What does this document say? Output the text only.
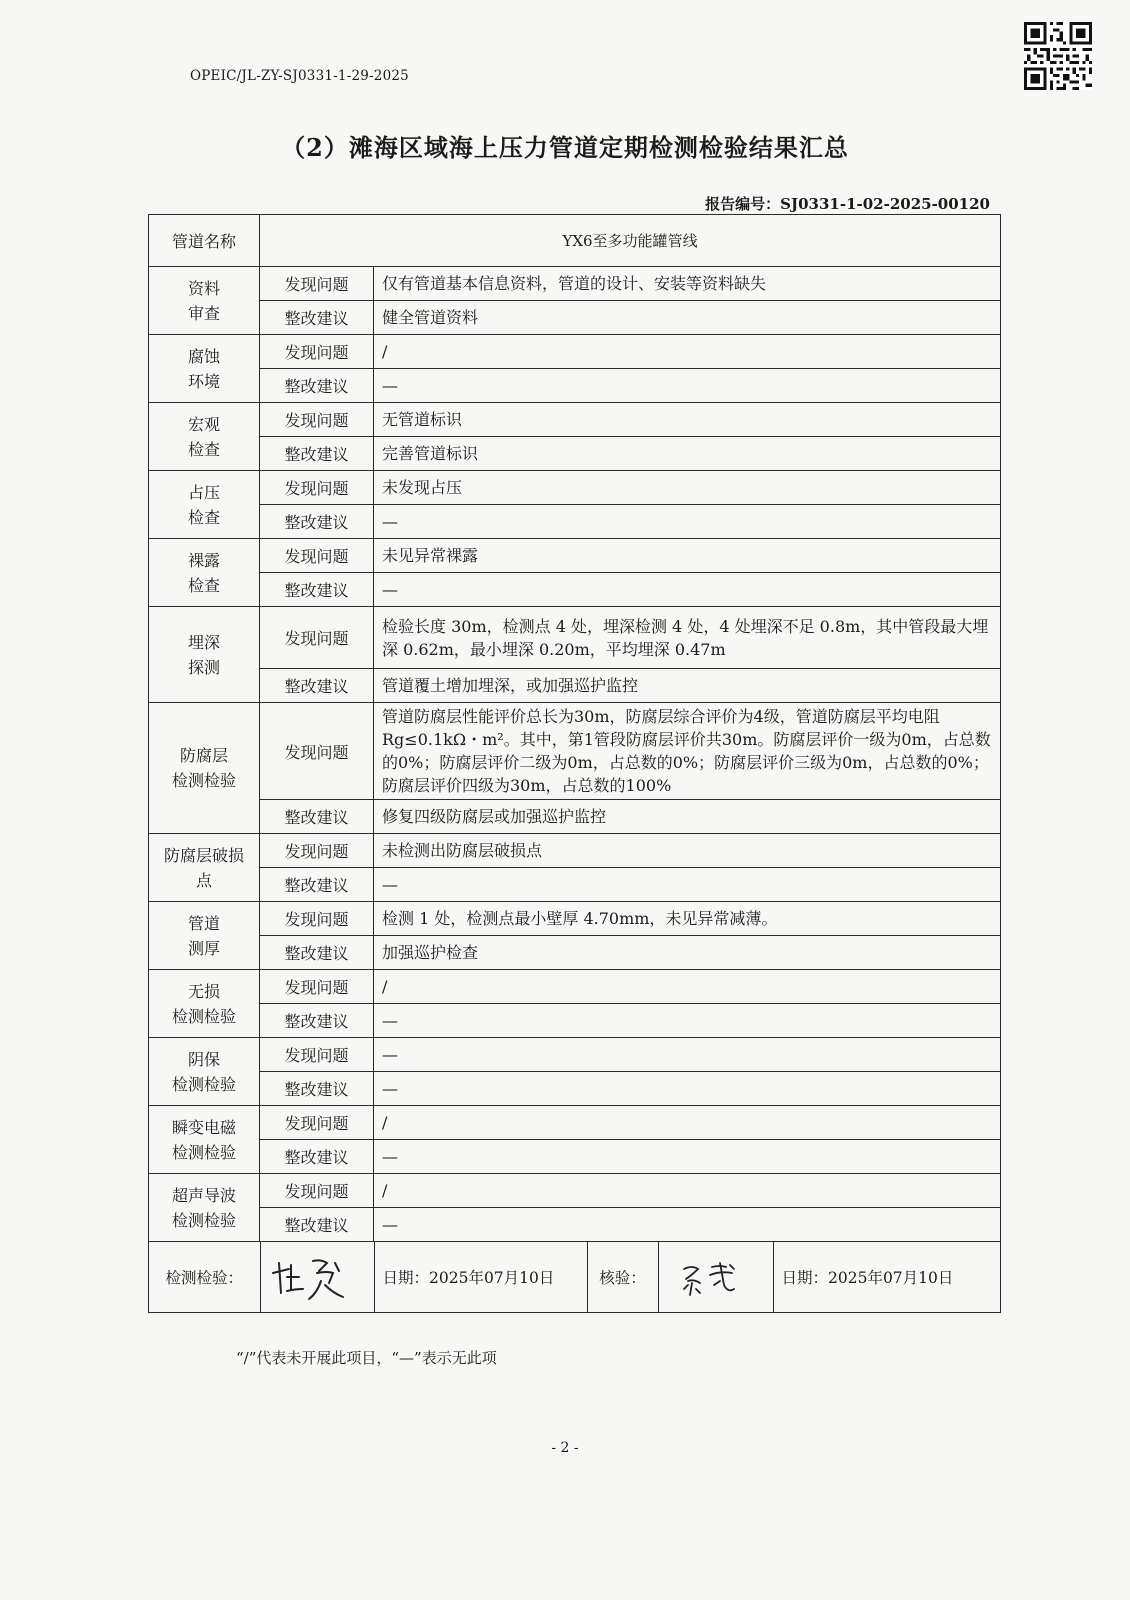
OPEIC/JL-ZY-SJ0331-1-29-2025
（2）滩海区域海上压力管道定期检测检验结果汇总
报告编号：SJ0331-1-02-2025-00120
管道名称	YX6至多功能罐管线
资料
审查	发现问题	仅有管道基本信息资料，管道的设计、安装等资料缺失
整改建议	健全管道资料
腐蚀
环境	发现问题	/
整改建议	—
宏观
检查	发现问题	无管道标识
整改建议	完善管道标识
占压
检查	发现问题	未发现占压
整改建议	—
裸露
检查	发现问题	未见异常裸露
整改建议	—
埋深
探测	发现问题	检验长度 30m，检测点 4 处，埋深检测 4 处，4 处埋深不足 0.8m，其中管段最大埋深 0.62m，最小埋深 0.20m，平均埋深 0.47m
整改建议	管道覆土增加埋深，或加强巡护监控
防腐层
检测检验	发现问题	管道防腐层性能评价总长为30m，防腐层综合评价为4级，管道防腐层平均电阻Rg≤0.1kΩ・m²。其中，第1管段防腐层评价共30m。防腐层评价一级为0m，占总数的0%；防腐层评价二级为0m，占总数的0%；防腐层评价三级为0m，占总数的0%；防腐层评价四级为30m，占总数的100%
整改建议	修复四级防腐层或加强巡护监控
防腐层破损
点	发现问题	未检测出防腐层破损点
整改建议	—
管道
测厚	发现问题	检测 1 处，检测点最小壁厚 4.70mm，未见异常减薄。
整改建议	加强巡护检查
无损
检测检验	发现问题	/
整改建议	—
阴保
检测检验	发现问题	—
整改建议	—
瞬变电磁
检测检验	发现问题	/
整改建议	—
超声导波
检测检验	发现问题	/
整改建议	—

检测检验：		日期：2025年07月10日	核验：		日期：2025年07月10日
“/”代表未开展此项目，“—”表示无此项
- 2 -
